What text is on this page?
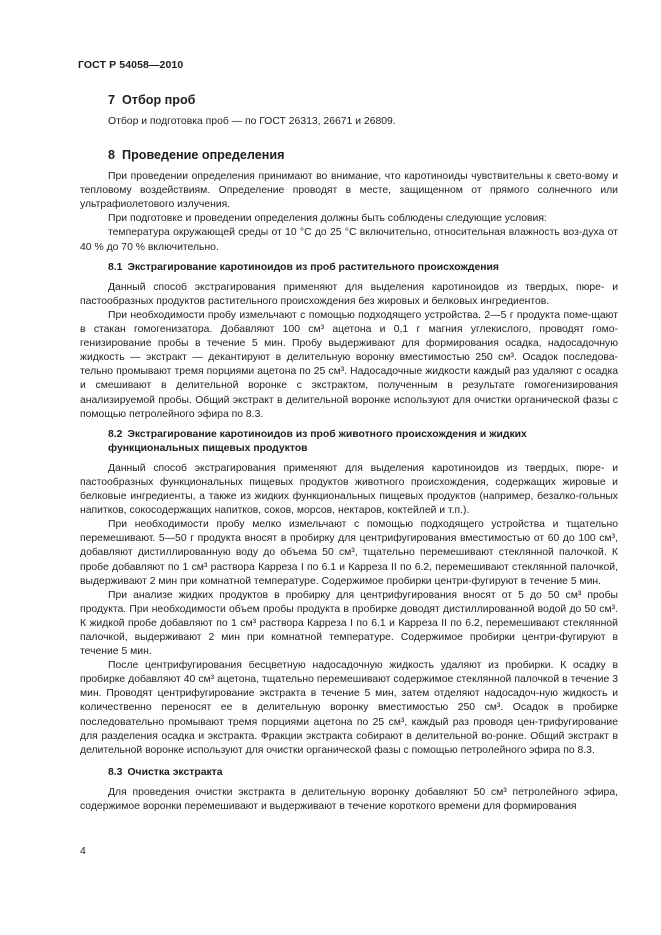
ГОСТ Р 54058—2010
7 Отбор проб

Отбор и подготовка проб — по ГОСТ 26313, 26671 и 26809.

8 Проведение определения

При проведении определения принимают во внимание, что каротиноиды чувствительны к свето-вому и тепловому воздействиям. Определение проводят в месте, защищенном от прямого солнечного или ультрафиолетового излучения.

При подготовке и проведении определения должны быть соблюдены следующие условия:

температура окружающей среды от 10 °C до 25 °C включительно, относительная влажность воз-духа от 40 % до 70 % включительно.

8.1 Экстрагирование каротиноидов из проб растительного происхождения

Данный способ экстрагирования применяют для выделения каротиноидов из твердых, пюре- и пастообразных продуктов растительного происхождения без жировых и белковых ингредиентов.

При необходимости пробу измельчают с помощью подходящего устройства. 2—5 г продукта поме-щают в стакан гомогенизатора. Добавляют 100 см³ ацетона и 0,1 г магния углекислого, проводят гомо-генизирование пробы в течение 5 мин. Пробу выдерживают для формирования осадка, надосадочную жидкость — экстракт — декантируют в делительную воронку вместимостью 250 см³. Осадок последова-тельно промывают тремя порциями ацетона по 25 см³. Надосадочные жидкости каждый раз удаляют с осадка и смешивают в делительной воронке с экстрактом, полученным в результате гомогенизирования анализируемой пробы. Общий экстракт в делительной воронке используют для очистки органической фазы с помощью петролейного эфира по 8.3.

8.2 Экстрагирование каротиноидов из проб животного происхождения и жидких
функциональных пищевых продуктов

Данный способ экстрагирования применяют для выделения каротиноидов из твердых, пюре- и пастообразных функциональных пищевых продуктов животного происхождения, содержащих жировые и белковые ингредиенты, а также из жидких функциональных пищевых продуктов (например, безалко-гольных напитков, сокосодержащих напитков, соков, морсов, нектаров, коктейлей и т.п.).

При необходимости пробу мелко измельчают с помощью подходящего устройства и тщательно перемешивают. 5—50 г продукта вносят в пробирку для центрифугирования вместимостью от 60 до 100 см³, добавляют дистиллированную воду до объема 50 см³, тщательно перемешивают стеклянной палочкой. К пробе добавляют по 1 см³ раствора Карреза I по 6.1 и Карреза II по 6.2, перемешивают стеклянной палочкой, выдерживают 2 мин при комнатной температуре. Содержимое пробирки центри-фугируют в течение 5 мин.

При анализе жидких продуктов в пробирку для центрифугирования вносят от 5 до 50 см³ пробы продукта. При необходимости объем пробы продукта в пробирке доводят дистиллированной водой до 50 см³. К жидкой пробе добавляют по 1 см³ раствора Карреза I по 6.1 и Карреза II по 6.2, перемешивают стеклянной палочкой, выдерживают 2 мин при комнатной температуре. Содержимое пробирки центри-фугируют в течение 5 мин.

После центрифугирования бесцветную надосадочную жидкость удаляют из пробирки. К осадку в пробирке добавляют 40 см³ ацетона, тщательно перемешивают содержимое стеклянной палочкой в течение 3 мин. Проводят центрифугирование экстракта в течение 5 мин, затем отделяют надосадоч-ную жидкость и количественно переносят ее в делительную воронку вместимостью 250 см³. Осадок в пробирке последовательно промывают тремя порциями ацетона по 25 см³, каждый раз проводя цен-трифугирование для разделения осадка и экстракта. Фракции экстракта собирают в делительной во-ронке. Общий экстракт в делительной воронке используют для очистки органической фазы с помощью петролейного эфира по 8.3.

8.3 Очистка экстракта

Для проведения очистки экстракта в делительную воронку добавляют 50 см³ петролейного эфира, содержимое воронки перемешивают и выдерживают в течение короткого времени для формирования

4
